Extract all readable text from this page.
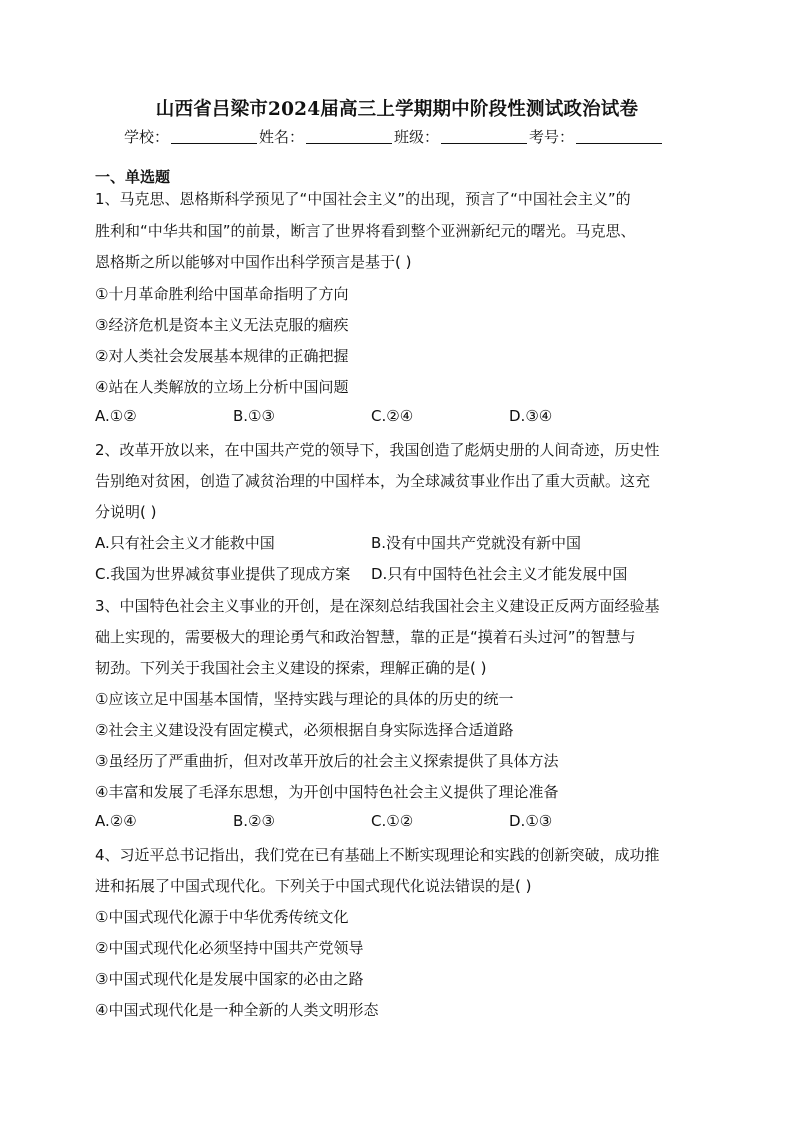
山西省吕梁市2024届高三上学期期中阶段性测试政治试卷
学校：	姓名：	班级：	考号：
一、单选题
1、马克思、恩格斯科学预见了“中国社会主义”的出现，预言了“中国社会主义”的
胜利和“中华共和国”的前景，断言了世界将看到整个亚洲新纪元的曙光。马克思、
恩格斯之所以能够对中国作出科学预言是基于( )
①十月革命胜利给中国革命指明了方向
③经济危机是资本主义无法克服的痼疾
②对人类社会发展基本规律的正确把握
④站在人类解放的立场上分析中国问题
A.①②	B.①③	C.②④	D.③④
2、改革开放以来，在中国共产党的领导下，我国创造了彪炳史册的人间奇迹，历史性
告别绝对贫困，创造了减贫治理的中国样本，为全球减贫事业作出了重大贡献。这充
分说明( )
A.只有社会主义才能救中国	B.没有中国共产党就没有新中国
C.我国为世界减贫事业提供了现成方案 D.只有中国特色社会主义才能发展中国
3、中国特色社会主义事业的开创，是在深刻总结我国社会主义建设正反两方面经验基
础上实现的，需要极大的理论勇气和政治智慧，靠的正是“摸着石头过河”的智慧与
韧劲。下列关于我国社会主义建设的探索，理解正确的是( )
①应该立足中国基本国情，坚持实践与理论的具体的历史的统一
②社会主义建设没有固定模式，必须根据自身实际选择合适道路
③虽经历了严重曲折，但对改革开放后的社会主义探索提供了具体方法
④丰富和发展了毛泽东思想，为开创中国特色社会主义提供了理论准备
A.②④	B.②③	C.①②	D.①③
4、习近平总书记指出，我们党在已有基础上不断实现理论和实践的创新突破，成功推
进和拓展了中国式现代化。下列关于中国式现代化说法错误的是( )
①中国式现代化源于中华优秀传统文化
②中国式现代化必须坚持中国共产党领导
③中国式现代化是发展中国家的必由之路
④中国式现代化是一种全新的人类文明形态
